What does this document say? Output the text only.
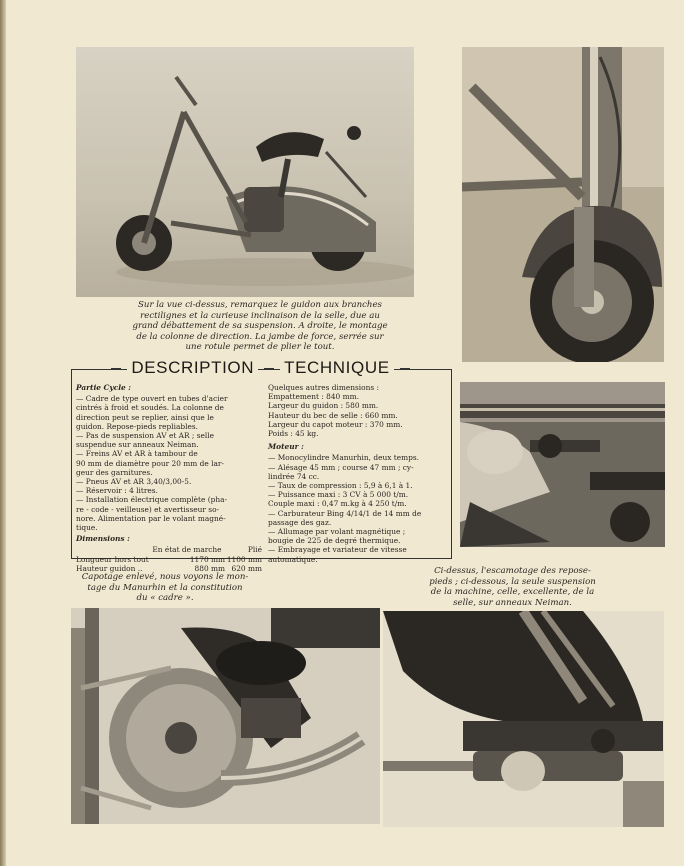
Sur la vue ci-dessus, remarquez le guidon aux branches

rectilignes et la curieuse inclinaison de la selle, due au

grand débattement de sa suspension. A droite, le montage

de la colonne de direction. La jambe de force, serrée sur

une rotule permet de plier le tout.

DESCRIPTION TECHNIQUE

Partie Cycle :

— Cadre de type ouvert en tubes d'acier

cintrés à froid et soudés. La colonne de

direction peut se replier, ainsi que le

guidon. Repose-pieds repliables.

— Pas de suspension AV et AR ; selle

suspendue sur anneaux Neiman.

— Freins AV et AR à tambour de

90 mm de diamètre pour 20 mm de lar-

geur des garnitures.

— Pneus AV et AR 3,40/3,00-5.

— Réservoir : 4 litres.

— Installation électrique complète (pha-

re - code - veilleuse) et avertisseur so-

nore. Alimentation par le volant magné-

tique.

Dimensions :

	En état de marche	Plié
Longueur hors tout	1170 mm	1100 mm
Hauteur guidon ..	880 mm	620 mm

Quelques autres dimensions :

Empattement : 840 mm.

Largeur du guidon : 580 mm.

Hauteur du bec de selle : 660 mm.

Largeur du capot moteur : 370 mm.

Poids : 45 kg.

Moteur :

— Monocylindre Manurhin, deux temps.

— Alésage 45 mm ; course 47 mm ; cy-

lindrée 74 cc.

— Taux de compression : 5,9 à 6,1 à 1.

— Puissance maxi : 3 CV à 5 000 t/m.

Couple maxi : 0,47 m.kg à 4 250 t/m.

— Carburateur Bing 4/14/1 de 14 mm de

passage des gaz.

— Allumage par volant magnétique ;

bougie de 225 de degré thermique.

— Embrayage et variateur de vitesse

automatique.

Capotage enlevé, nous voyons le mon-

tage du Manurhin et la constitution

du « cadre ».

Ci-dessus, l'escamotage des repose-

pieds ; ci-dessous, la seule suspension

de la machine, celle, excellente, de la

selle, sur anneaux Neiman.
